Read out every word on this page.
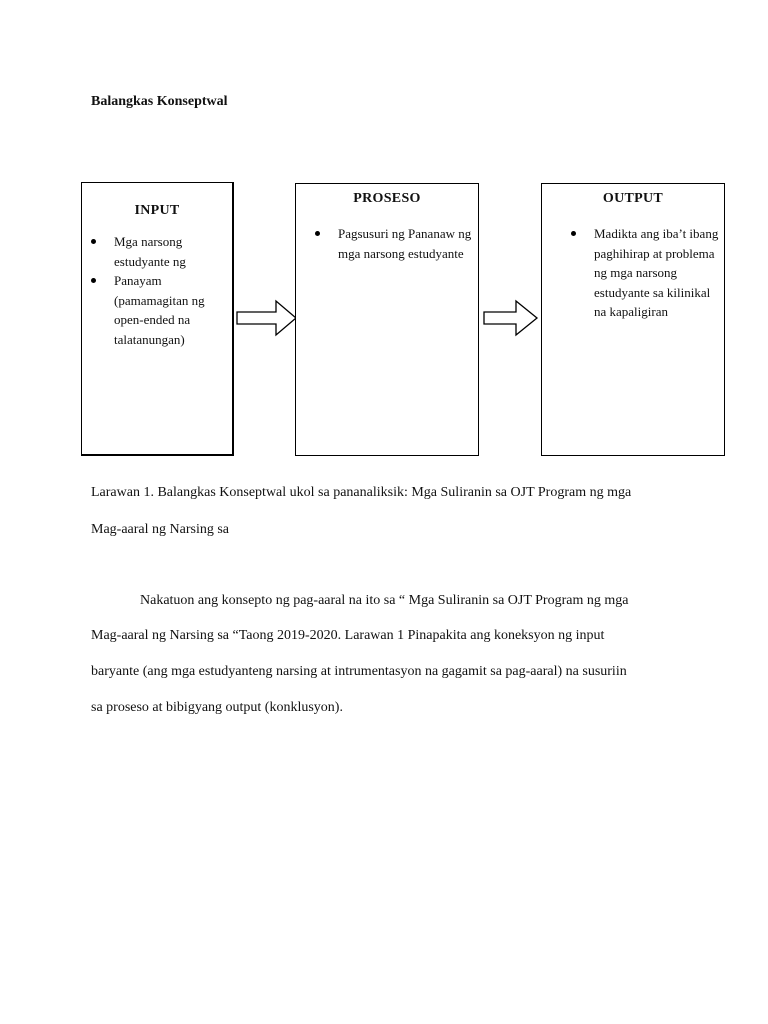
Balangkas Konseptwal
INPUT
Mga narsong estudyante ng
Panayam (pamamagitan ng open-ended na talatanungan)
PROSESO
Pagsusuri ng Pananaw ng mga narsong estudyante
OUTPUT
Madikta ang iba’t ibang paghihirap at problema ng mga narsong estudyante sa kilinikal na kapaligiran
Larawan 1. Balangkas Konseptwal ukol sa pananaliksik: Mga Suliranin sa OJT Program ng mga
Mag-aaral ng Narsing sa
Nakatuon ang konsepto ng pag-aaral na ito sa “ Mga Suliranin sa OJT Program ng mga
Mag-aaral ng Narsing sa “Taong 2019-2020. Larawan 1 Pinapakita ang koneksyon ng input
baryante (ang mga estudyanteng narsing at intrumentasyon na gagamit sa pag-aaral) na susuriin
sa proseso at bibigyang output (konklusyon).
